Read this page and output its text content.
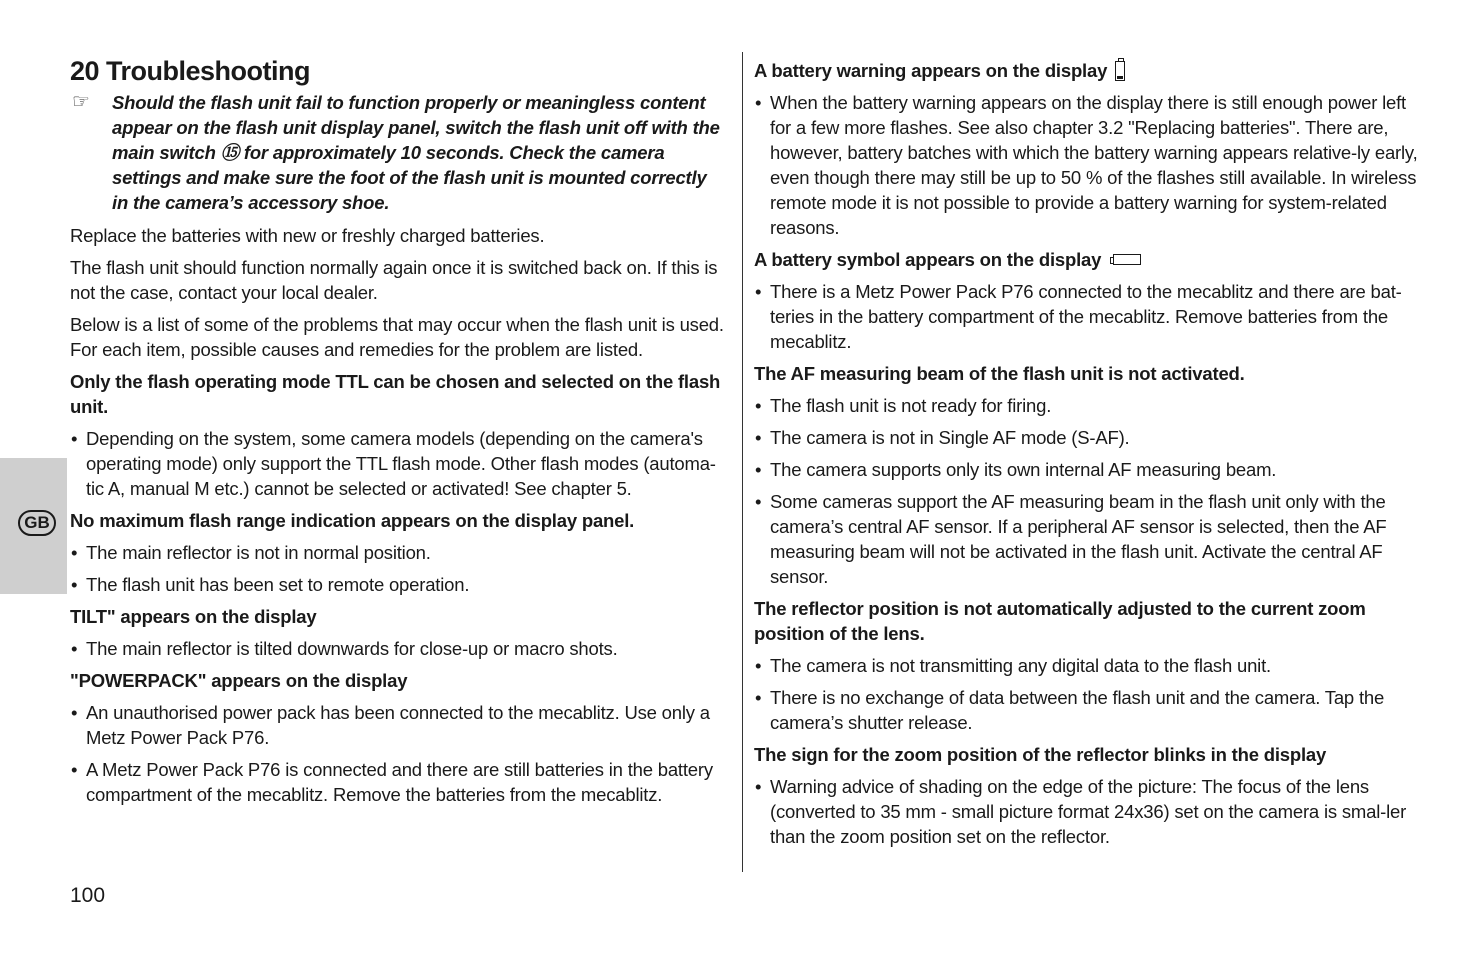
GB
20 Troubleshooting
☞ Should the flash unit fail to function properly or meaningless content appear on the flash unit display panel, switch the flash unit off with the main switch ⑮ for approximately 10 seconds. Check the camera settings and make sure the foot of the flash unit is mounted correctly in the camera’s accessory shoe.

Replace the batteries with new or freshly charged batteries.

The flash unit should function normally again once it is switched back on. If this is not the case, contact your local dealer.

Below is a list of some of the problems that may occur when the flash unit is used. For each item, possible causes and remedies for the problem are listed.

Only the flash operating mode TTL can be chosen and selected on the flash unit.
• Depending on the system, some camera models (depending on the camera's operating mode) only support the TTL flash mode. Other flash modes (automa-tic A, manual M etc.) cannot be selected or activated! See chapter 5.
No maximum flash range indication appears on the display panel.
• The main reflector is not in normal position.
• The flash unit has been set to remote operation.
TILT" appears on the display
• The main reflector is tilted downwards for close-up or macro shots.
"POWERPACK" appears on the display
• An unauthorised power pack has been connected to the mecablitz. Use only a Metz Power Pack P76.
• A Metz Power Pack P76 is connected and there are still batteries in the battery compartment of the mecablitz. Remove the batteries from the mecablitz.
A battery warning appears on the display
• When the battery warning appears on the display there is still enough power left for a few more flashes. See also chapter 3.2 "Replacing batteries". There are, however, battery batches with which the battery warning appears relative-ly early, even though there may still be up to 50 % of the flashes still available. In wireless remote mode it is not possible to provide a battery warning for system-related reasons.
A battery symbol appears on the display
• There is a Metz Power Pack P76 connected to the mecablitz and there are bat-teries in the battery compartment of the mecablitz. Remove batteries from the mecablitz.
The AF measuring beam of the flash unit is not activated.
• The flash unit is not ready for firing.
• The camera is not in Single AF mode (S-AF).
• The camera supports only its own internal AF measuring beam.
• Some cameras support the AF measuring beam in the flash unit only with the camera’s central AF sensor. If a peripheral AF sensor is selected, then the AF measuring beam will not be activated in the flash unit. Activate the central AF sensor.
The reflector position is not automatically adjusted to the current zoom position of the lens.
• The camera is not transmitting any digital data to the flash unit.
• There is no exchange of data between the flash unit and the camera. Tap the camera’s shutter release.
The sign for the zoom position of the reflector blinks in the display
• Warning advice of shading on the edge of the picture: The focus of the lens (converted to 35 mm - small picture format 24x36) set on the camera is smal-ler than the zoom position set on the reflector.
100
